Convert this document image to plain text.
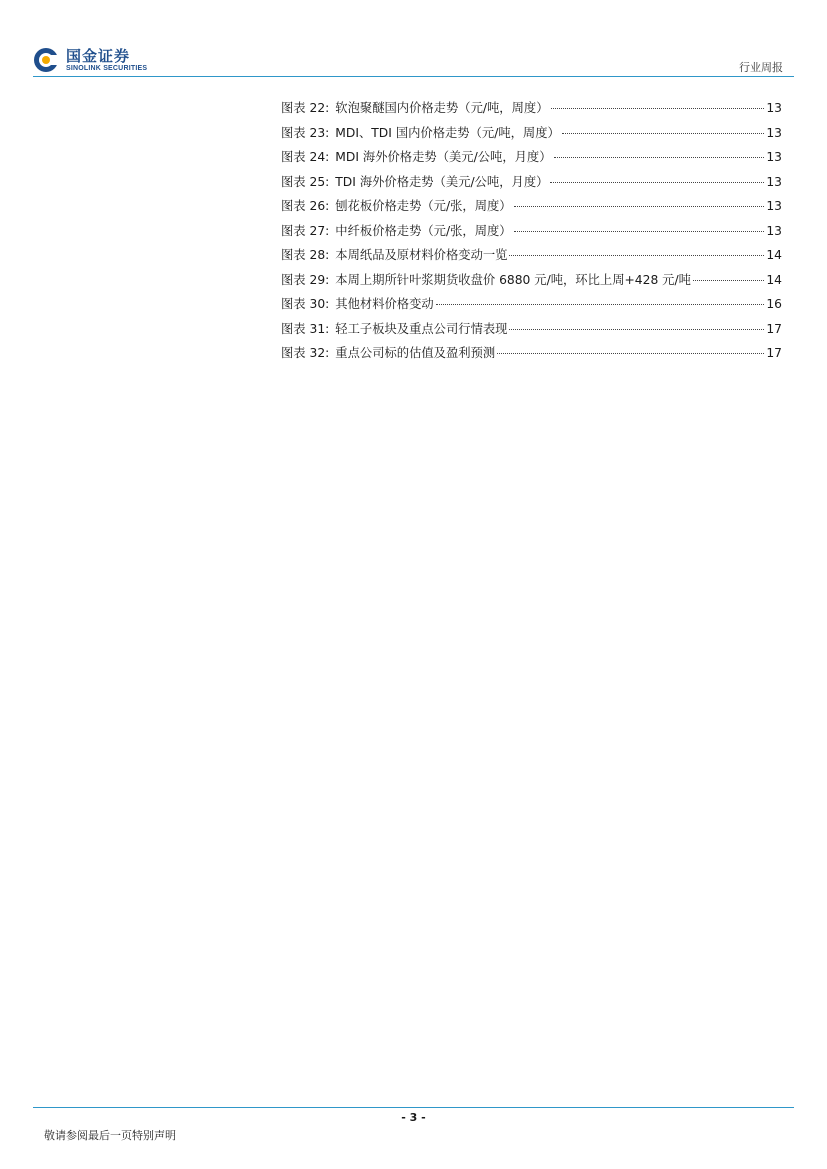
国金证券
SINOLINK SECURITIES	行业周报
图表 22: 软泡聚醚国内价格走势（元/吨，周度）	13
图表 23: MDI、TDI 国内价格走势（元/吨，周度）	13
图表 24: MDI 海外价格走势（美元/公吨，月度）	13
图表 25: TDI 海外价格走势（美元/公吨，月度）	13
图表 26: 刨花板价格走势（元/张，周度）	13
图表 27: 中纤板价格走势（元/张，周度）	13
图表 28: 本周纸品及原材料价格变动一览	14
图表 29: 本周上期所针叶浆期货收盘价 6880 元/吨，环比上周+428 元/吨	14
图表 30: 其他材料价格变动	16
图表 31: 轻工子板块及重点公司行情表现	17
图表 32: 重点公司标的估值及盈利预测	17
- 3 -
敬请参阅最后一页特别声明
